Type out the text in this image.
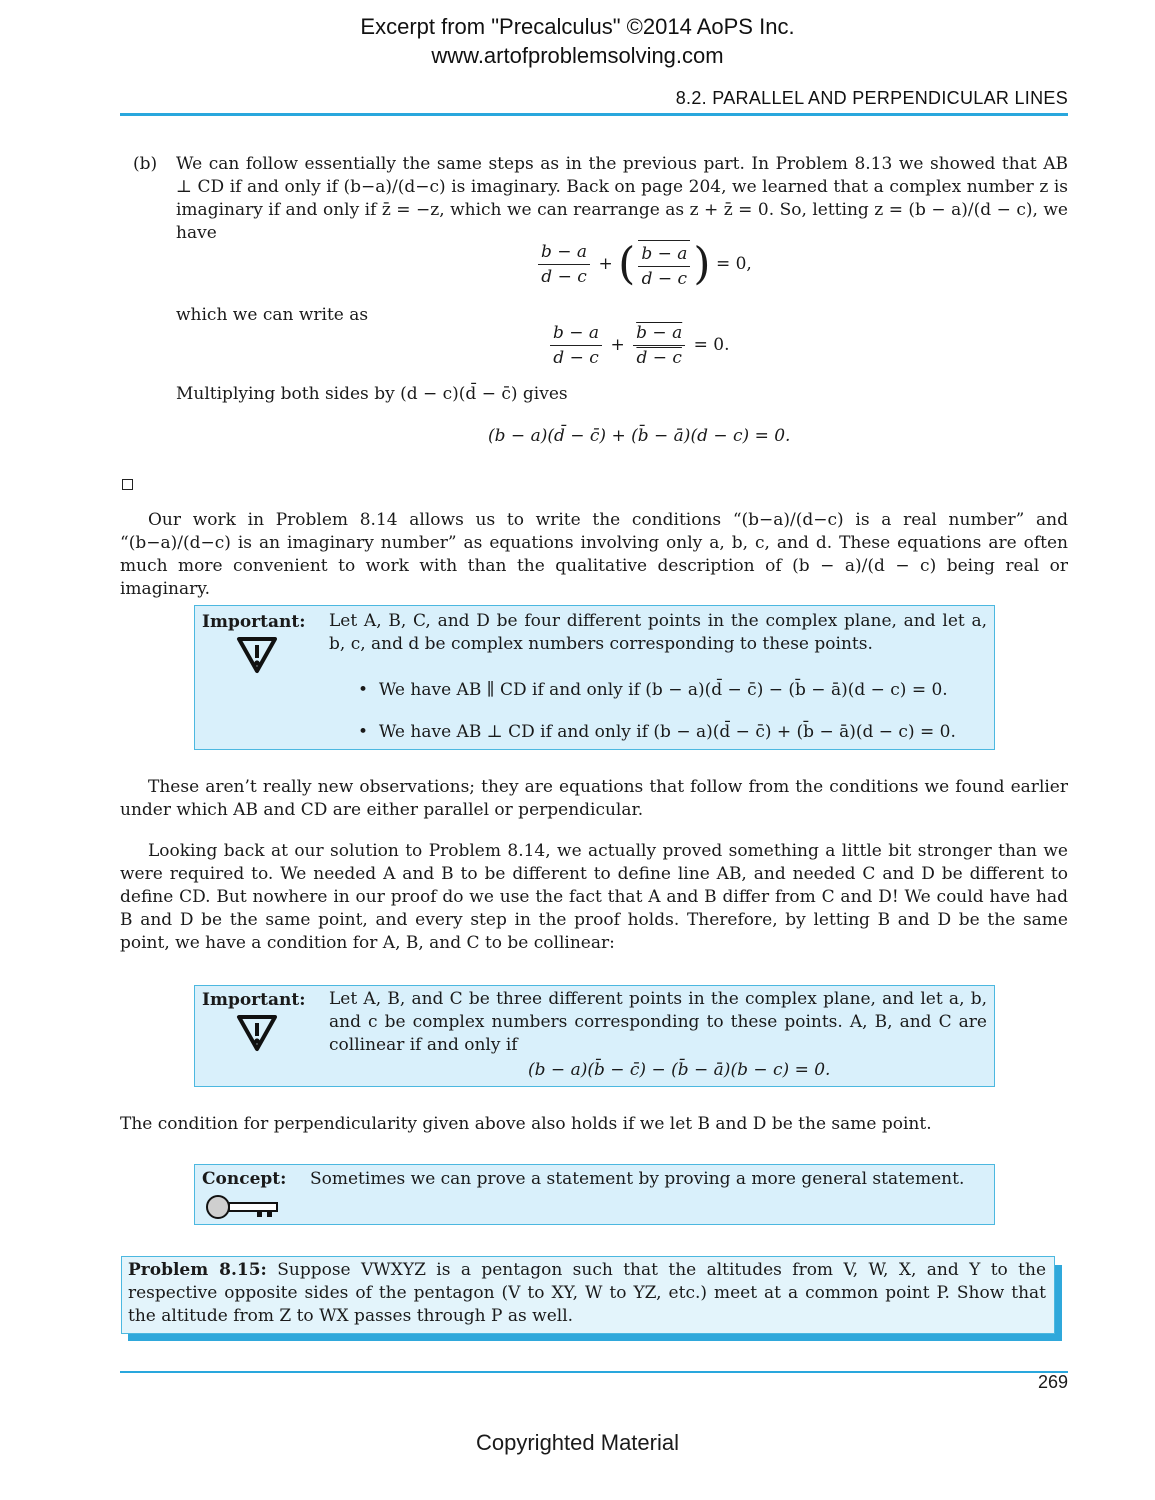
Excerpt from "Precalculus" ©2014 AoPS Inc.
www.artofproblemsolving.com
8.2. PARALLEL AND PERPENDICULAR LINES
(b) We can follow essentially the same steps as in the previous part. In Problem 8.13 we showed that AB ⊥ CD if and only if (b−a)/(d−c) is imaginary. Back on page 204, we learned that a complex number z is imaginary if and only if z̄ = −z, which we can rearrange as z + z̄ = 0. So, letting z = (b − a)/(d − c), we have
$\frac{b - a}{d - c}$ + ( $\frac{b - a}{d - c}$ ) = 0,
which we can write as
$\frac{b - a}{d - c} + \frac{b - a}{d - c} = 0$.
Multiplying both sides by (d − c)(d̄ − c̄) gives
(b − a)(d̄ − c̄) + (b̄ − ā)(d − c) = 0.
Our work in Problem 8.14 allows us to write the conditions “(b−a)/(d−c) is a real number” and “(b−a)/(d−c) is an imaginary number” as equations involving only a, b, c, and d. These equations are often much more convenient to work with than the qualitative description of (b − a)/(d − c) being real or imaginary.
Important: Let A, B, C, and D be four different points in the complex plane, and let a, b, c, and d be complex numbers corresponding to these points.
•  We have AB ∥ CD if and only if (b − a)(d̄ − c̄) − (b̄ − ā)(d − c) = 0.
•  We have AB ⊥ CD if and only if (b − a)(d̄ − c̄) + (b̄ − ā)(d − c) = 0.
These aren’t really new observations; they are equations that follow from the conditions we found earlier under which AB and CD are either parallel or perpendicular.
Looking back at our solution to Problem 8.14, we actually proved something a little bit stronger than we were required to. We needed A and B to be different to define line AB, and needed C and D be different to define CD. But nowhere in our proof do we use the fact that A and B differ from C and D! We could have had B and D be the same point, and every step in the proof holds. Therefore, by letting B and D be the same point, we have a condition for A, B, and C to be collinear:
Important: Let A, B, and C be three different points in the complex plane, and let a, b, and c be complex numbers corresponding to these points. A, B, and C are collinear if and only if
(b − a)(b̄ − c̄) − (b̄ − ā)(b − c) = 0.
The condition for perpendicularity given above also holds if we let B and D be the same point.
Concept: Sometimes we can prove a statement by proving a more general statement.
Problem 8.15: Suppose VWXYZ is a pentagon such that the altitudes from V, W, X, and Y to the respective opposite sides of the pentagon (V to XY, W to YZ, etc.) meet at a common point P. Show that the altitude from Z to WX passes through P as well.
269
Copyrighted Material
